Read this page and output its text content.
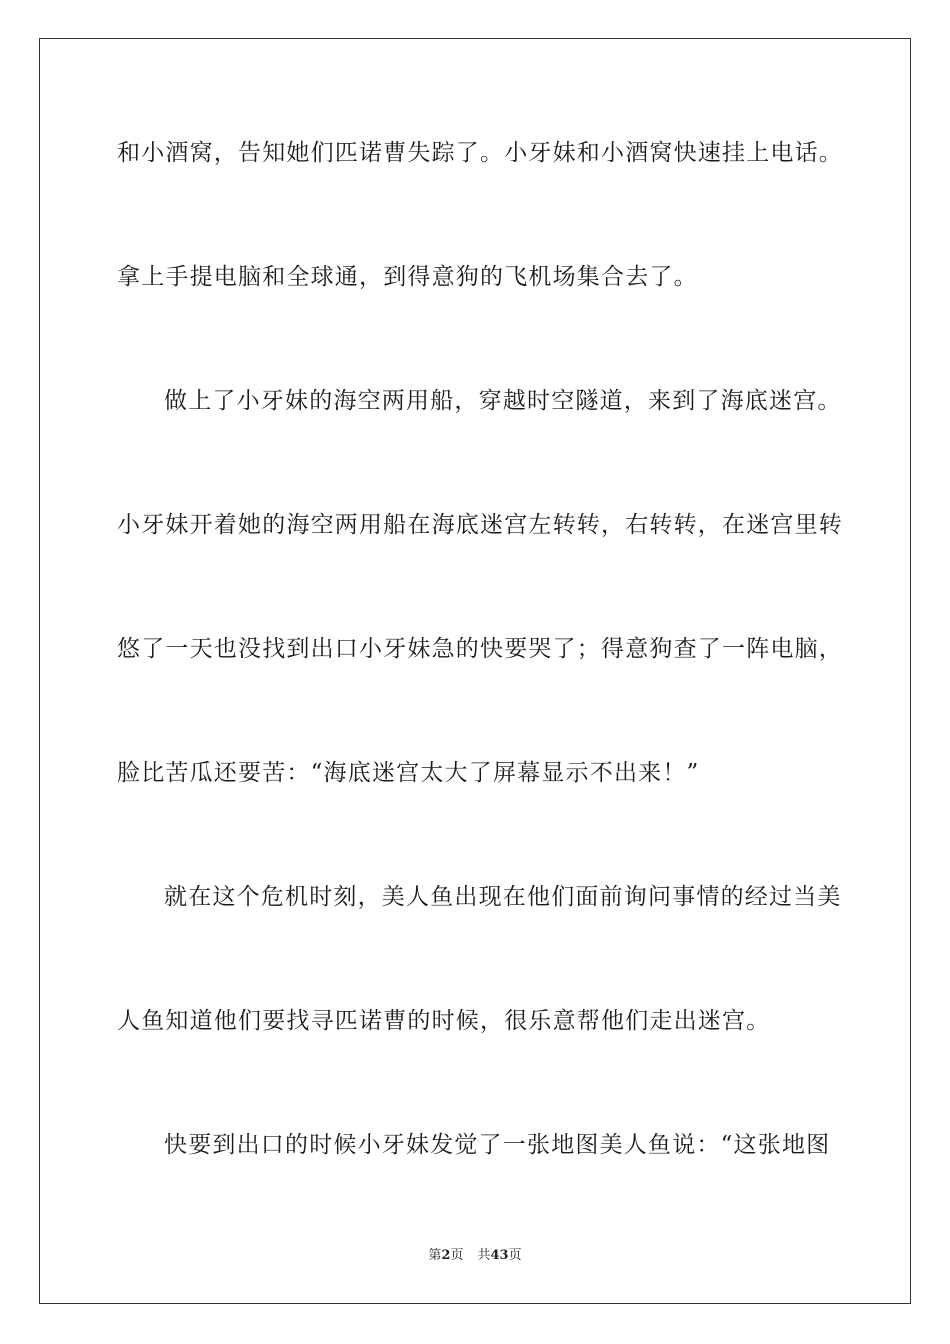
和小酒窝，告知她们匹诺曹失踪了。小牙妹和小酒窝快速挂上电话。
拿上手提电脑和全球通，到得意狗的飞机场集合去了。
做上了小牙妹的海空两用船，穿越时空隧道，来到了海底迷宫。
小牙妹开着她的海空两用船在海底迷宫左转转，右转转，在迷宫里转
悠了一天也没找到出口小牙妹急的快要哭了；得意狗查了一阵电脑，
脸比苦瓜还要苦：“海底迷宫太大了屏幕显示不出来！”
就在这个危机时刻，美人鱼出现在他们面前询问事情的经过当美
人鱼知道他们要找寻匹诺曹的时候，很乐意帮他们走出迷宫。
快要到出口的时候小牙妹发觉了一张地图美人鱼说：“这张地图
第2页 共43页
